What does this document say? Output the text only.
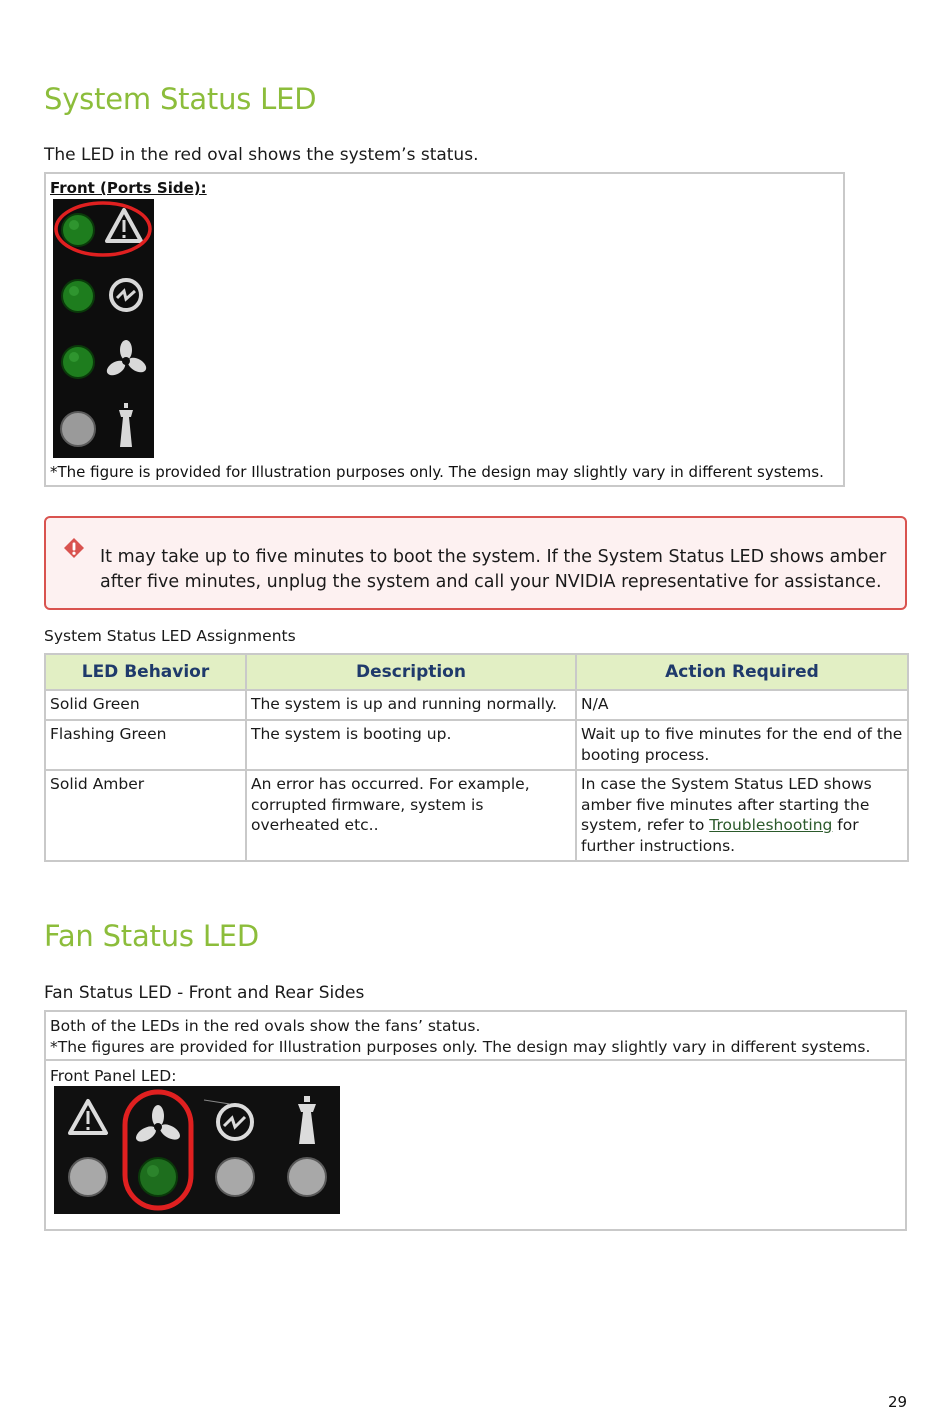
System Status LED

The LED in the red oval shows the system’s status.

Front (Ports Side):
*The figure is provided for Illustration purposes only. The design may slightly vary in different systems.
It may take up to five minutes to boot the system. If the System Status LED shows amber after five minutes, unplug the system and call your NVIDIA representative for assistance.

System Status LED Assignments

LED Behavior	Description	Action Required
Solid Green	The system is up and running normally.	N/A
Flashing Green	The system is booting up.	Wait up to five minutes for the end of the booting process.
Solid Amber	An error has occurred. For example, corrupted firmware, system is overheated etc..	In case the System Status LED shows amber five minutes after starting the system, refer to Troubleshooting for further instructions.
Fan Status LED

Fan Status LED - Front and Rear Sides

Both of the LEDs in the red ovals show the fans’ status.
*The figures are provided for Illustration purposes only. The design may slightly vary in different systems.
Front Panel LED:
29
